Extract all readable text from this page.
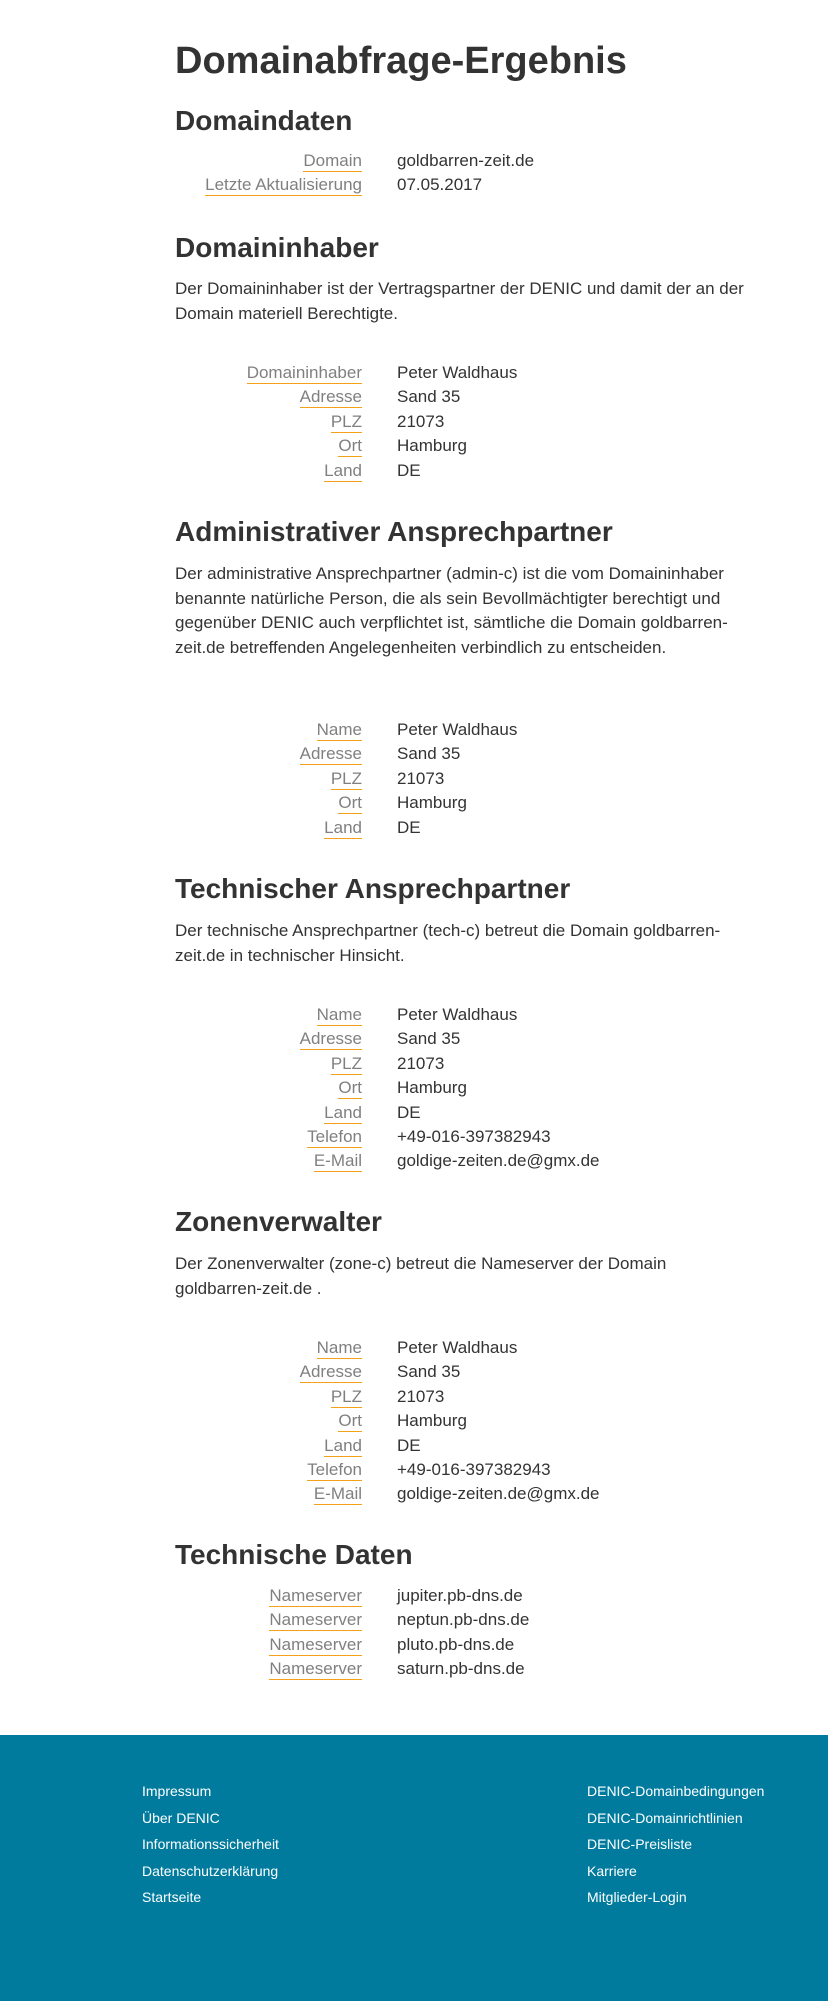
Domainabfrage-Ergebnis
Domaindaten
Domain goldbarren-zeit.de
Letzte Aktualisierung 07.05.2017
Domaininhaber

Der Domaininhaber ist der Vertragspartner der DENIC und damit der an der Domain materiell Berechtigte.

Domaininhaber Peter Waldhaus
Adresse Sand 35
PLZ 21073
Ort Hamburg
Land DE
Administrativer Ansprechpartner

Der administrative Ansprechpartner (admin-c) ist die vom Domaininhaber benannte natürliche Person, die als sein Bevollmächtigter berechtigt und gegenüber DENIC auch verpflichtet ist, sämtliche die Domain goldbarren-zeit.de betreffenden Angelegenheiten verbindlich zu entscheiden.

Name Peter Waldhaus
Adresse Sand 35
PLZ 21073
Ort Hamburg
Land DE
Technischer Ansprechpartner

Der technische Ansprechpartner (tech-c) betreut die Domain goldbarren-zeit.de in technischer Hinsicht.

Name Peter Waldhaus
Adresse Sand 35
PLZ 21073
Ort Hamburg
Land DE
Telefon +49-016-397382943
E-Mail goldige-zeiten.de@gmx.de
Zonenverwalter

Der Zonenverwalter (zone-c) betreut die Nameserver der Domain goldbarren-zeit.de .

Name Peter Waldhaus
Adresse Sand 35
PLZ 21073
Ort Hamburg
Land DE
Telefon +49-016-397382943
E-Mail goldige-zeiten.de@gmx.de
Technische Daten
Nameserver jupiter.pb-dns.de
Nameserver neptun.pb-dns.de
Nameserver pluto.pb-dns.de
Nameserver saturn.pb-dns.de
Impressum
Über DENIC
Informationssicherheit
Datenschutzerklärung
Startseite
DENIC-Domainbedingungen
DENIC-Domainrichtlinien
DENIC-Preisliste
Karriere
Mitglieder-Login
